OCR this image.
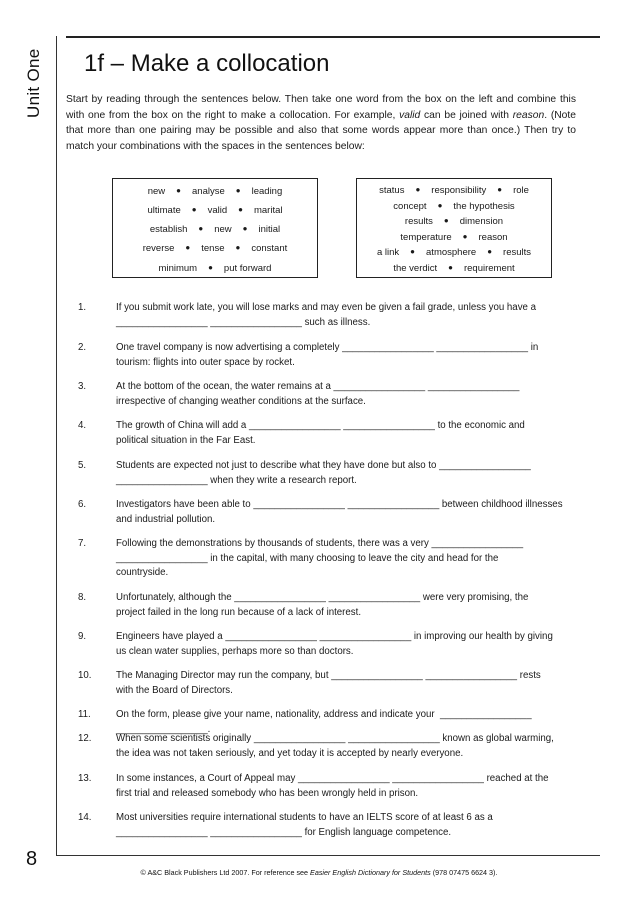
Unit One 1f – Make a collocation

Start by reading through the sentences below. Then take one word from the box on the left and combine this with one from the box on the right to make a collocation. For example, valid can be joined with reason. (Note that more than one pairing may be possible and also that some words appear more than once.) Then try to match your combinations with the spaces in the sentences below:

new ● analyse ● leading
ultimate ● valid ● marital
establish ● new ● initial
reverse ● tense ● constant
minimum ● put forward
status ● responsibility ● role
concept ● the hypothesis
results ● dimension
temperature ● reason
a link ● atmosphere ● results
the verdict ● requirement
1.	If you submit work late, you will lose marks and may even be given a fail grade, unless you have a
_________________ _________________ such as illness.
2.	One travel company is now advertising a completely _________________ _________________ in
tourism: flights into outer space by rocket.
3.	At the bottom of the ocean, the water remains at a _________________ _________________
irrespective of changing weather conditions at the surface.
4.	The growth of China will add a _________________ _________________ to the economic and
political situation in the Far East.
5.	Students are expected not just to describe what they have done but also to _________________
_________________ when they write a research report.
6.	Investigators have been able to _________________ _________________ between childhood illnesses
and industrial pollution.
7.	Following the demonstrations by thousands of students, there was a very _________________
_________________ in the capital, with many choosing to leave the city and head for the
countryside.
8.	Unfortunately, although the _________________ _________________ were very promising, the
project failed in the long run because of a lack of interest.
9.	Engineers have played a _________________ _________________ in improving our health by giving
us clean water supplies, perhaps more so than doctors.
10.	The Managing Director may run the company, but _________________ _________________ rests
with the Board of Directors.
11.	On the form, please give your name, nationality, address and indicate your  _________________
_________________.
12.	When some scientists originally _________________ _________________ known as global warming,
the idea was not taken seriously, and yet today it is accepted by nearly everyone.
13.	In some instances, a Court of Appeal may _________________ _________________ reached at the
first trial and released somebody who has been wrongly held in prison.
14.	Most universities require international students to have an IELTS score of at least 6 as a
_________________ _________________ for English language competence.
8
© A&C Black Publishers Ltd 2007. For reference see Easier English Dictionary for Students (978 07475 6624 3).
